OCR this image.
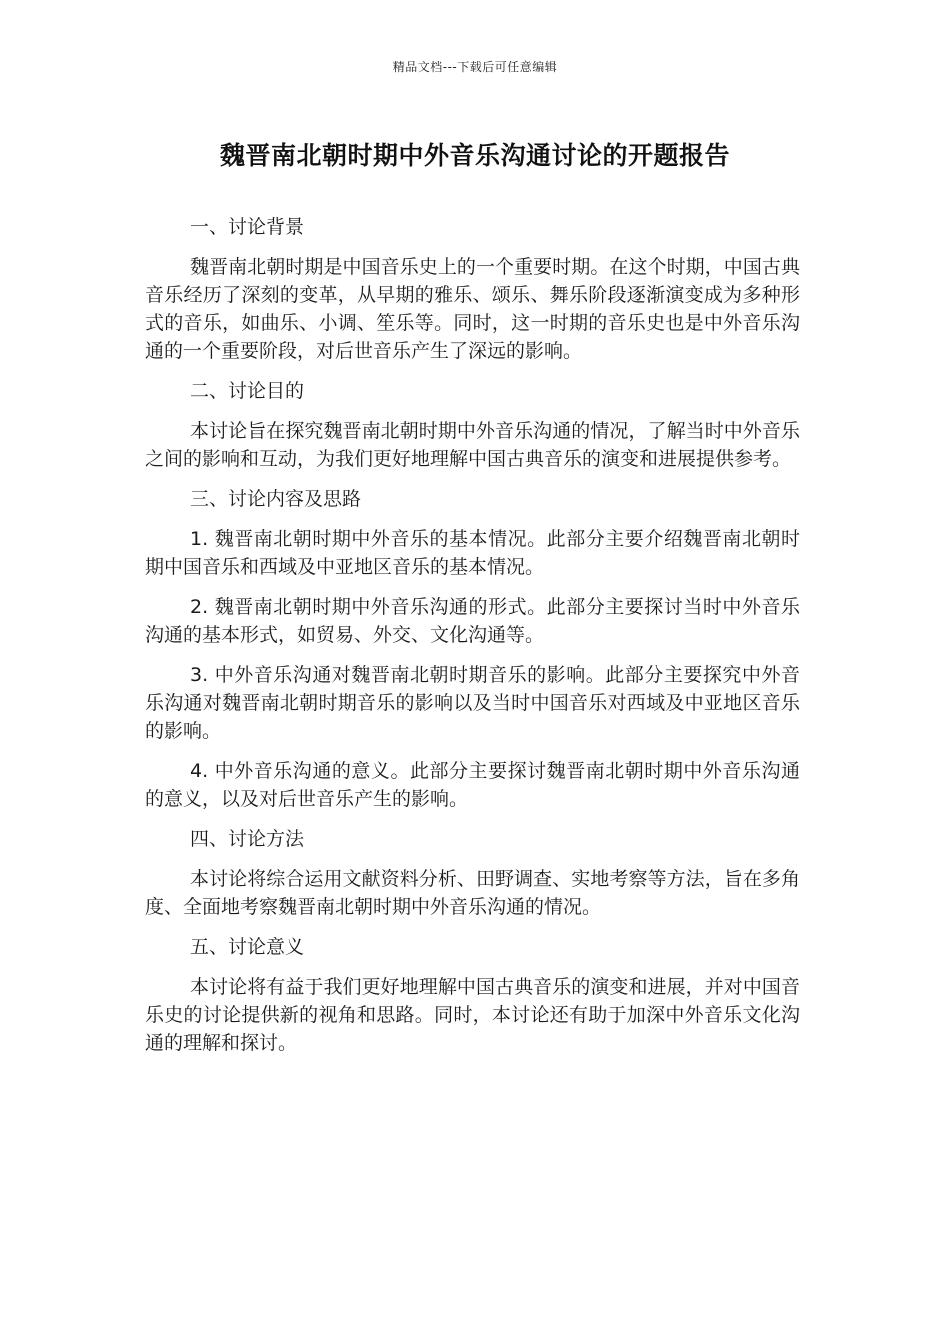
精品文档---下载后可任意编辑
魏晋南北朝时期中外音乐沟通讨论的开题报告
一、讨论背景
魏晋南北朝时期是中国音乐史上的一个重要时期。在这个时期，中国古典音乐经历了深刻的变革，从早期的雅乐、颂乐、舞乐阶段逐渐演变成为多种形式的音乐，如曲乐、小调、笙乐等。同时，这一时期的音乐史也是中外音乐沟通的一个重要阶段，对后世音乐产生了深远的影响。
二、讨论目的
本讨论旨在探究魏晋南北朝时期中外音乐沟通的情况，了解当时中外音乐之间的影响和互动，为我们更好地理解中国古典音乐的演变和进展提供参考。
三、讨论内容及思路
1. 魏晋南北朝时期中外音乐的基本情况。此部分主要介绍魏晋南北朝时期中国音乐和西域及中亚地区音乐的基本情况。
2. 魏晋南北朝时期中外音乐沟通的形式。此部分主要探讨当时中外音乐沟通的基本形式，如贸易、外交、文化沟通等。
3. 中外音乐沟通对魏晋南北朝时期音乐的影响。此部分主要探究中外音乐沟通对魏晋南北朝时期音乐的影响以及当时中国音乐对西域及中亚地区音乐的影响。
4. 中外音乐沟通的意义。此部分主要探讨魏晋南北朝时期中外音乐沟通的意义，以及对后世音乐产生的影响。
四、讨论方法
本讨论将综合运用文献资料分析、田野调查、实地考察等方法，旨在多角度、全面地考察魏晋南北朝时期中外音乐沟通的情况。
五、讨论意义
本讨论将有益于我们更好地理解中国古典音乐的演变和进展，并对中国音乐史的讨论提供新的视角和思路。同时，本讨论还有助于加深中外音乐文化沟通的理解和探讨。
